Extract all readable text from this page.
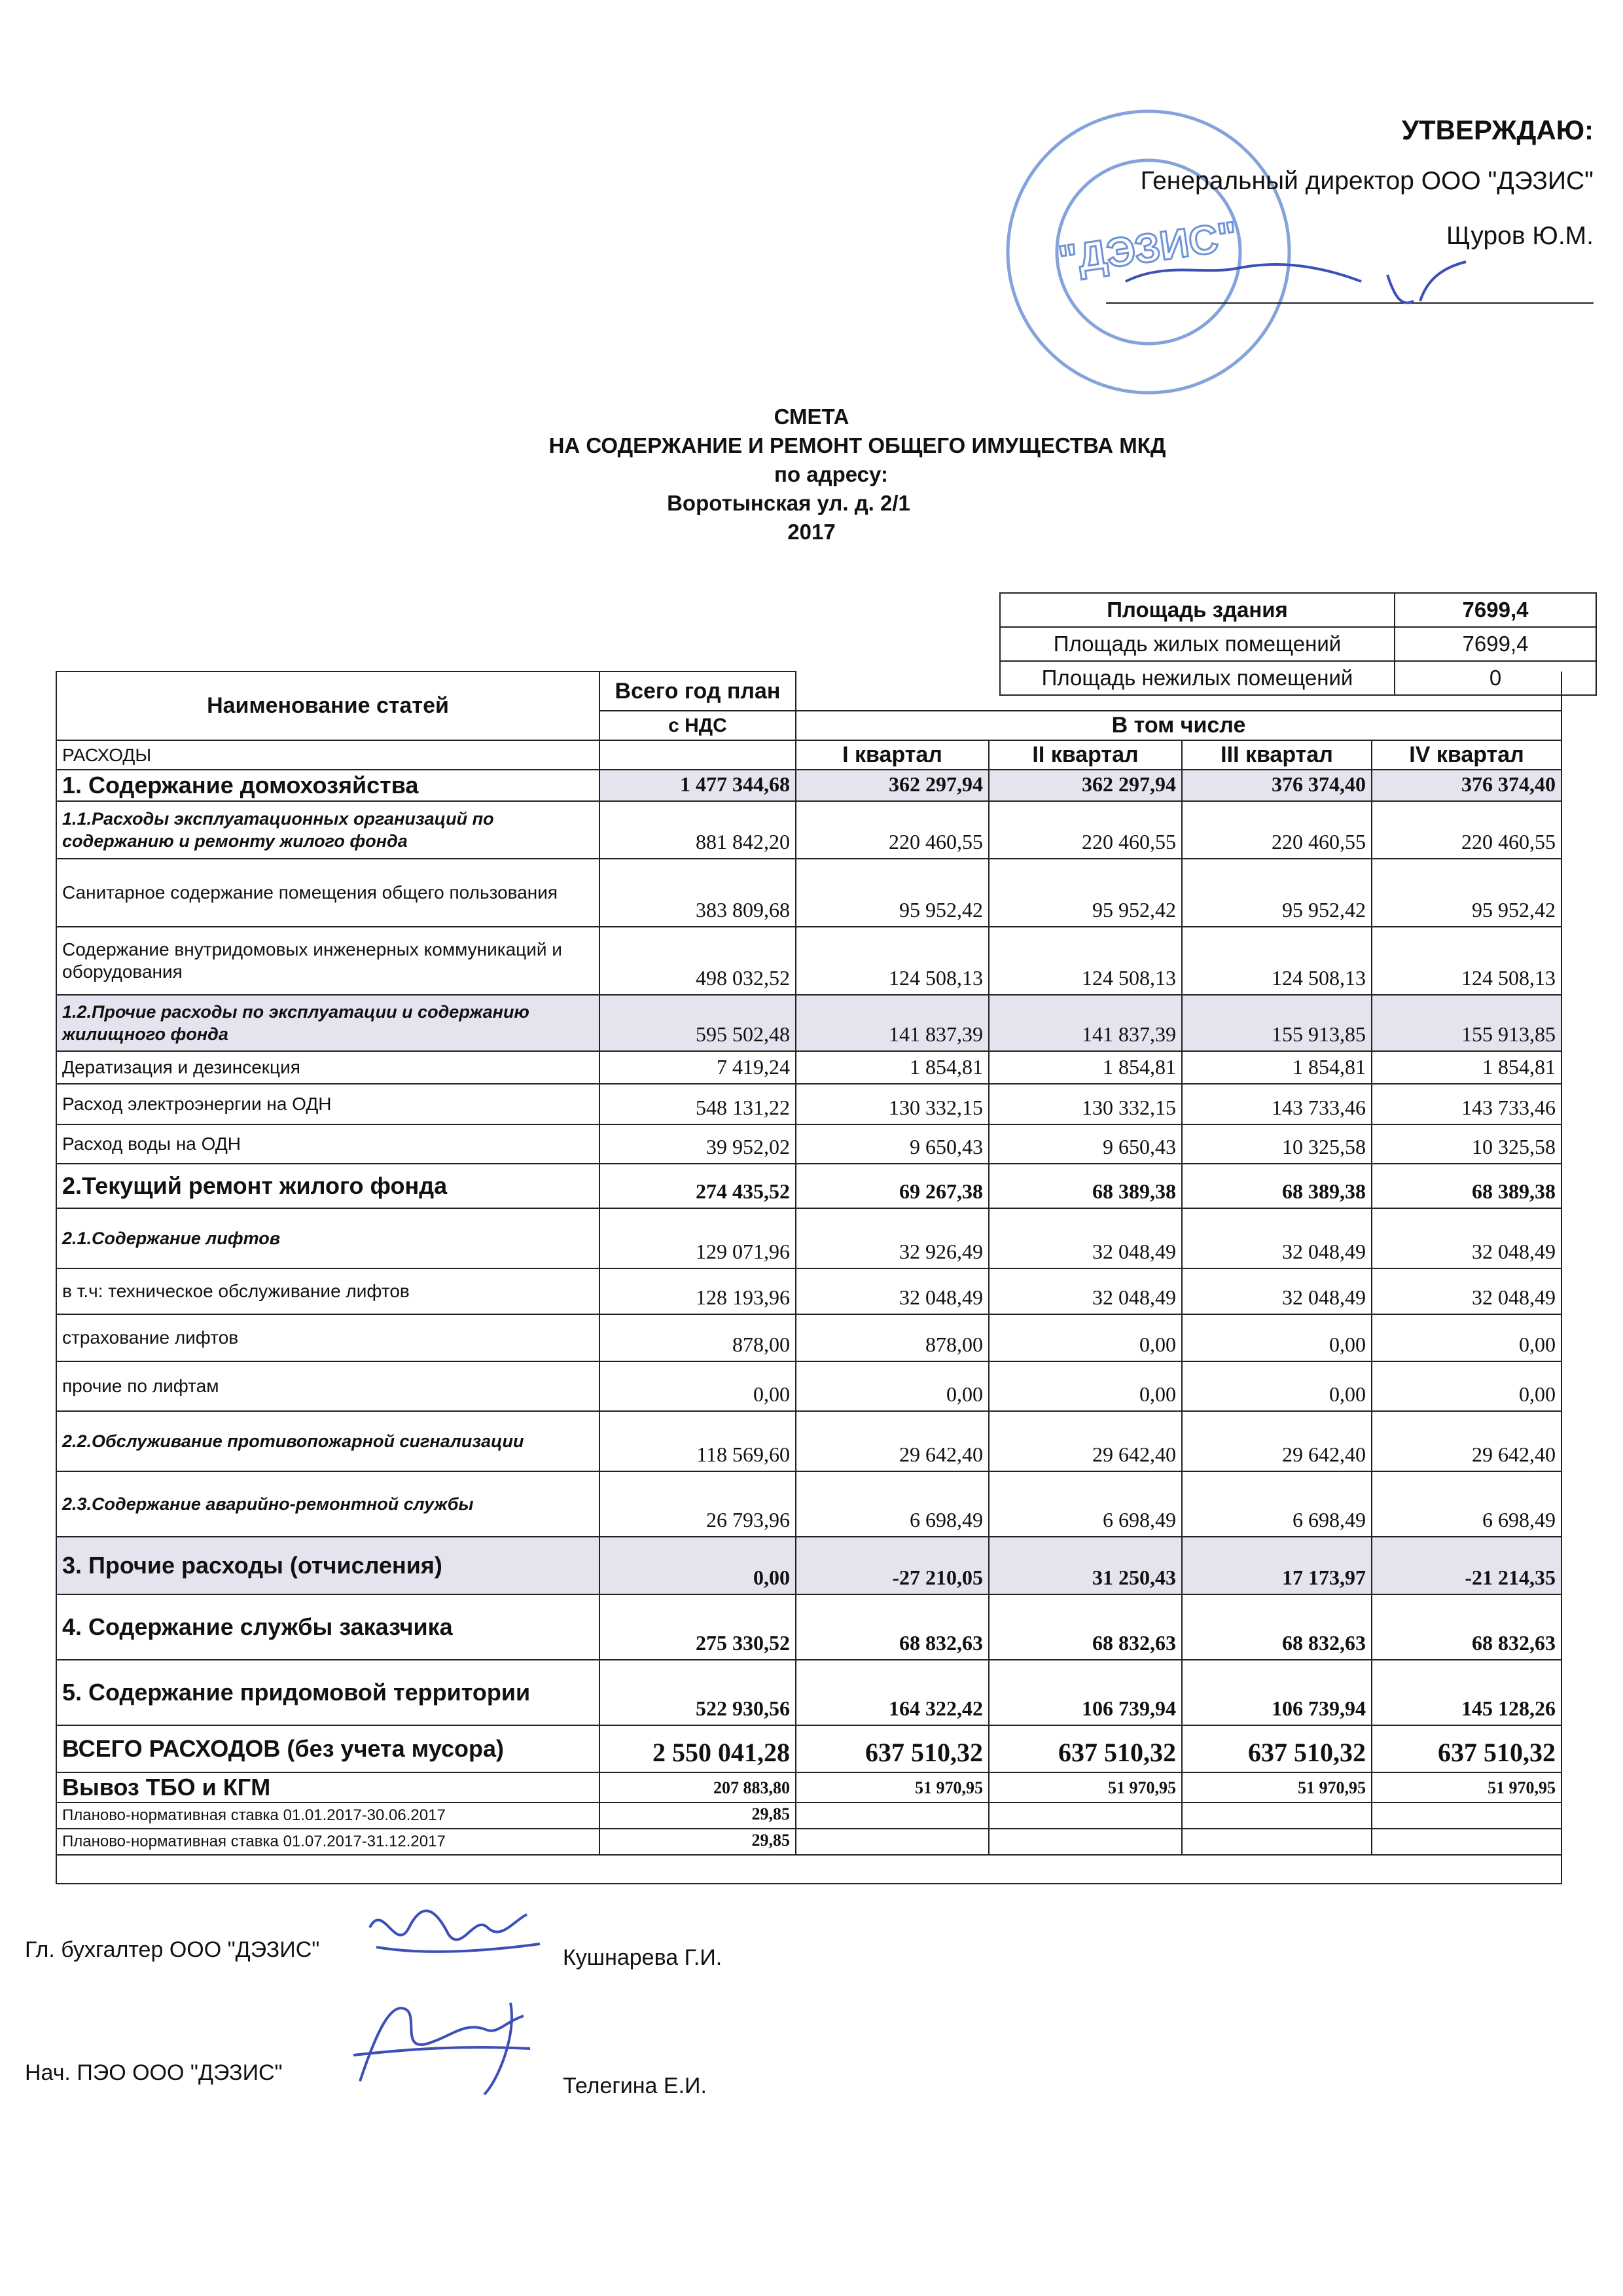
"ДЭЗИС"
УТВЕРЖДАЮ:
Генеральный директор ООО "ДЭЗИС"
Щуров Ю.М.
СМЕТА
НА СОДЕРЖАНИЕ И РЕМОНТ ОБЩЕГО ИМУЩЕСТВА МКД
по адресу:
Воротынская ул. д. 2/1
2017
Площадь здания	7699,4
Площадь жилых помещений	7699,4
Площадь нежилых помещений	0
Наименование статей	Всего год план				
	с НДС	В том числе			
РАСХОДЫ		I квартал	II квартал	III квартал	IV квартал
1. Содержание домохозяйства	1 477 344,68	362 297,94	362 297,94	376 374,40	376 374,40
1.1.Расходы эксплуатационных организаций по содержанию и ремонту жилого фонда	881 842,20	220 460,55	220 460,55	220 460,55	220 460,55
Санитарное содержание помещения общего пользования	383 809,68	95 952,42	95 952,42	95 952,42	95 952,42
Содержание внутридомовых инженерных коммуникаций и оборудования	498 032,52	124 508,13	124 508,13	124 508,13	124 508,13
1.2.Прочие расходы по эксплуатации и содержанию жилищного фонда	595 502,48	141 837,39	141 837,39	155 913,85	155 913,85
Дератизация и дезинсекция	7 419,24	1 854,81	1 854,81	1 854,81	1 854,81
Расход электроэнергии на ОДН	548 131,22	130 332,15	130 332,15	143 733,46	143 733,46
Расход воды на ОДН	39 952,02	9 650,43	9 650,43	10 325,58	10 325,58
2.Текущий ремонт жилого фонда	274 435,52	69 267,38	68 389,38	68 389,38	68 389,38
2.1.Содержание лифтов	129 071,96	32 926,49	32 048,49	32 048,49	32 048,49
в т.ч: техническое обслуживание лифтов	128 193,96	32 048,49	32 048,49	32 048,49	32 048,49
страхование лифтов	878,00	878,00	0,00	0,00	0,00
прочие по лифтам	0,00	0,00	0,00	0,00	0,00
2.2.Обслуживание противопожарной сигнализации	118 569,60	29 642,40	29 642,40	29 642,40	29 642,40
2.3.Содержание аварийно-ремонтной службы	26 793,96	6 698,49	6 698,49	6 698,49	6 698,49
3. Прочие расходы (отчисления)	0,00	-27 210,05	31 250,43	17 173,97	-21 214,35
4. Содержание службы заказчика	275 330,52	68 832,63	68 832,63	68 832,63	68 832,63
5. Содержание придомовой территории	522 930,56	164 322,42	106 739,94	106 739,94	145 128,26
ВСЕГО РАСХОДОВ (без учета мусора)	2 550 041,28	637 510,32	637 510,32	637 510,32	637 510,32
Вывоз ТБО и КГМ	207 883,80	51 970,95	51 970,95	51 970,95	51 970,95
Планово-нормативная ставка 01.01.2017-30.06.2017	29,85				
Планово-нормативная ставка 01.07.2017-31.12.2017	29,85				

Гл. бухгалтер ООО "ДЭЗИС"	Кушнарева Г.И.
Нач. ПЭО ООО "ДЭЗИС"
Телегина Е.И.
